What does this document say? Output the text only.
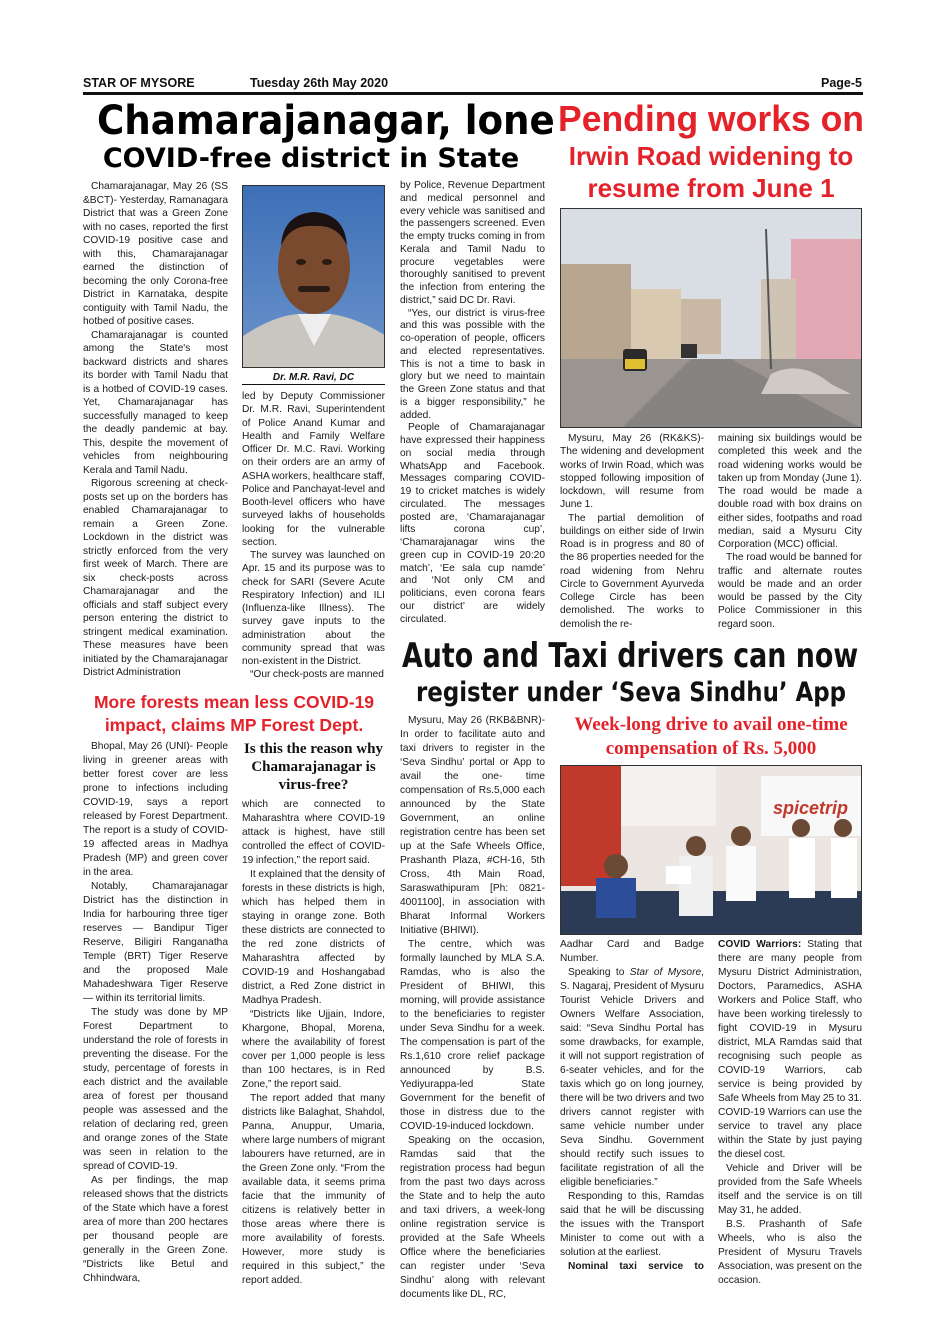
STAR OF MYSORE	Tuesday 26th May 2020	Page-5
Chamarajanagar, lone
COVID-free district in State

Chamarajanagar, May 26 (SS &BCT)- Yesterday, Ramanagara District that was a Green Zone with no cases, reported the first COVID-19 positive case and with this, Chamarajanagar earned the distinction of becoming the only Corona-free District in Karnataka, despite contiguity with Tamil Nadu, the hotbed of positive cases.

Chamarajanagar is counted among the State's most backward districts and shares its border with Tamil Nadu that is a hotbed of COVID-19 cases. Yet, Chamarajanagar has successfully managed to keep the deadly pandemic at bay. This, despite the movement of vehicles from neighbouring Kerala and Tamil Nadu.

Rigorous screening at check-posts set up on the borders has enabled Chamarajanagar to remain a Green Zone. Lockdown in the district was strictly enforced from the very first week of March. There are six check-posts across Chamarajanagar and the officials and staff subject every person entering the district to stringent medical examination. These measures have been initiated by the Chamarajanagar District Administration

Dr. M.R. Ravi, DC

led by Deputy Commissioner Dr. M.R. Ravi, Superintendent of Police Anand Kumar and Health and Family Welfare Officer Dr. M.C. Ravi. Working on their orders are an army of ASHA workers, healthcare staff, Police and Panchayat-level and Booth-level officers who have surveyed lakhs of households looking for the vulnerable section.

The survey was launched on Apr. 15 and its purpose was to check for SARI (Severe Acute Respiratory Infection) and ILI (Influenza-like Illness). The survey gave inputs to the administration about the community spread that was non-existent in the District.

“Our check-posts are manned

by Police, Revenue Department and medical personnel and every vehicle was sanitised and the passengers screened. Even the empty trucks coming in from Kerala and Tamil Nadu to procure vegetables were thoroughly sanitised to prevent the infection from entering the district,” said DC Dr. Ravi.

“Yes, our district is virus-free and this was possible with the co-operation of people, officers and elected representatives. This is not a time to bask in glory but we need to maintain the Green Zone status and that is a bigger responsibility,” he added.

People of Chamarajanagar have expressed their happiness on social media through WhatsApp and Facebook. Messages comparing COVID-19 to cricket matches is widely circulated. The messages posted are, ‘Chamarajanagar lifts corona cup’, ‘Chamarajanagar wins the green cup in COVID-19 20:20 match’, ‘Ee sala cup namde’ and ‘Not only CM and politicians, even corona fears our district’ are widely circulated.

Pending works on
Irwin Road widening to
resume from June 1

Mysuru, May 26 (RK&KS)- The widening and development works of Irwin Road, which was stopped following imposition of lockdown, will resume from June 1.

The partial demolition of buildings on either side of Irwin Road is in progress and 80 of the 86 properties needed for the road widening from Nehru Circle to Government Ayurveda College Circle has been demolished. The works to demolish the re-

maining six buildings would be completed this week and the road widening works would be taken up from Monday (June 1). The road would be made a double road with box drains on either sides, footpaths and road median, said a Mysuru City Corporation (MCC) official.

The road would be banned for traffic and alternate routes would be made and an order would be passed by the City Police Commissioner in this regard soon.

Auto and Taxi drivers can now
register under ‘Seva Sindhu’ App
More forests mean less COVID-19
impact, claims MP Forest Dept.

Bhopal, May 26 (UNI)- People living in greener areas with better forest cover are less prone to infections including COVID-19, says a report released by Forest Department. The report is a study of COVID-19 affected areas in Madhya Pradesh (MP) and green cover in the area.

Notably, Chamarajanagar District has the distinction in India for harbouring three tiger reserves — Bandipur Tiger Reserve, Biligiri Ranganatha Temple (BRT) Tiger Reserve and the proposed Male Mahadeshwara Tiger Reserve — within its territorial limits.

The study was done by MP Forest Department to understand the role of forests in preventing the disease. For the study, percentage of forests in each district and the available area of forest per thousand people was assessed and the relation of declaring red, green and orange zones of the State was seen in relation to the spread of COVID-19.

As per findings, the map released shows that the districts of the State which have a forest area of more than 200 hectares per thousand people are generally in the Green Zone. “Districts like Betul and Chhindwara,

Is this the reason why Chamarajanagar is virus-free?

which are connected to Maharashtra where COVID-19 attack is highest, have still controlled the effect of COVID-19 infection,” the report said.

It explained that the density of forests in these districts is high, which has helped them in staying in orange zone. Both these districts are connected to the red zone districts of Maharashtra affected by COVID-19 and Hoshangabad district, a Red Zone district in Madhya Pradesh.

“Districts like Ujjain, Indore, Khargone, Bhopal, Morena, where the availability of forest cover per 1,000 people is less than 100 hectares, is in Red Zone,” the report said.

The report added that many districts like Balaghat, Shahdol, Panna, Anuppur, Umaria, where large numbers of migrant labourers have returned, are in the Green Zone only. “From the available data, it seems prima facie that the immunity of citizens is relatively better in those areas where there is more availability of forests. However, more study is required in this subject,” the report added.

Mysuru, May 26 (RKB&BNR)- In order to facilitate auto and taxi drivers to register in the ‘Seva Sindhu’ portal or App to avail the one- time compensation of Rs.5,000 each announced by the State Government, an online registration centre has been set up at the Safe Wheels Office, Prashanth Plaza, #CH-16, 5th Cross, 4th Main Road, Saraswathipuram [Ph: 0821-4001100], in association with Bharat Informal Workers Initiative (BHIWI).

The centre, which was formally launched by MLA S.A. Ramdas, who is also the President of BHIWI, this morning, will provide assistance to the beneficiaries to register under Seva Sindhu for a week. The compensation is part of the Rs.1,610 crore relief package announced by B.S. Yediyurappa-led State Government for the benefit of those in distress due to the COVID-19-induced lockdown.

Speaking on the occasion, Ramdas said that the registration process had begun from the past two days across the State and to help the auto and taxi drivers, a week-long online registration service is provided at the Safe Wheels Office where the beneficiaries can register under ‘Seva Sindhu’ along with relevant documents like DL, RC,

Week-long drive to avail one-time
compensation of Rs. 5,000
spicetrip

Aadhar Card and Badge Number.

Speaking to Star of Mysore, S. Nagaraj, President of Mysuru Tourist Vehicle Drivers and Owners Welfare Association, said: “Seva Sindhu Portal has some drawbacks, for example, it will not support registration of 6-seater vehicles, and for the taxis which go on long journey, there will be two drivers and two drivers cannot register with same vehicle number under Seva Sindhu. Government should rectify such issues to facilitate registration of all the eligible beneficiaries.”

Responding to this, Ramdas said that he will be discussing the issues with the Transport Minister to come out with a solution at the earliest.

Nominal taxi service to

COVID Warriors: Stating that there are many people from Mysuru District Administration, Doctors, Paramedics, ASHA Workers and Police Staff, who have been working tirelessly to fight COVID-19 in Mysuru district, MLA Ramdas said that recognising such people as COVID-19 Warriors, cab service is being provided by Safe Wheels from May 25 to 31. COVID-19 Warriors can use the service to travel any place within the State by just paying the diesel cost.

Vehicle and Driver will be provided from the Safe Wheels itself and the service is on till May 31, he added.

B.S. Prashanth of Safe Wheels, who is also the President of Mysuru Travels Association, was present on the occasion.
